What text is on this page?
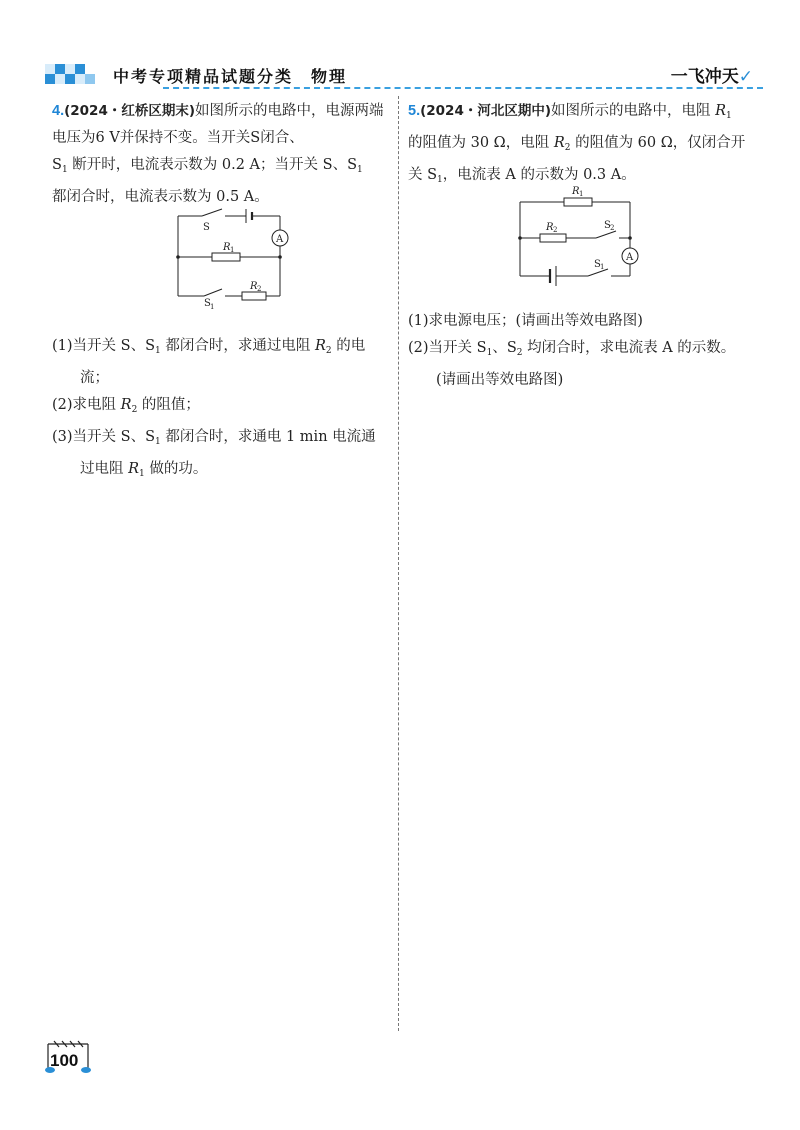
中考专项精品试题分类　物理	一飞冲天✓
4.(2024・红桥区期末)如图所示的电路中，电源两端电压为6 V并保持不变。当开关S闭合、
$S_1$ 断开时，电流表示数为 0.2 A；当开关 S、$S_1$
都闭合时，电流表示数为 0.5 A。
(1)当开关 S、$S_1$ 都闭合时，求通过电阻 $R_2$ 的电流；
(2)求电阻 $R_2$ 的阻值；
(3)当开关 S、$S_1$ 都闭合时，求通电 1 min 电流通过电阻 $R_1$ 做的功。
S
A
R 1
R 2
S 1
5.(2024・河北区期中)如图所示的电路中，电阻 $R_1$ 的阻值为 30 Ω，电阻 $R_2$ 的阻值为 60 Ω，仅闭合开关 $S_1$，电流表 A 的示数为 0.3 A。
(1)求电源电压；(请画出等效电路图)
(2)当开关 $S_1$、$S_2$ 均闭合时，求电流表 A 的示数。(请画出等效电路图)
R 1
R 2	S 2
S 1
A
100
